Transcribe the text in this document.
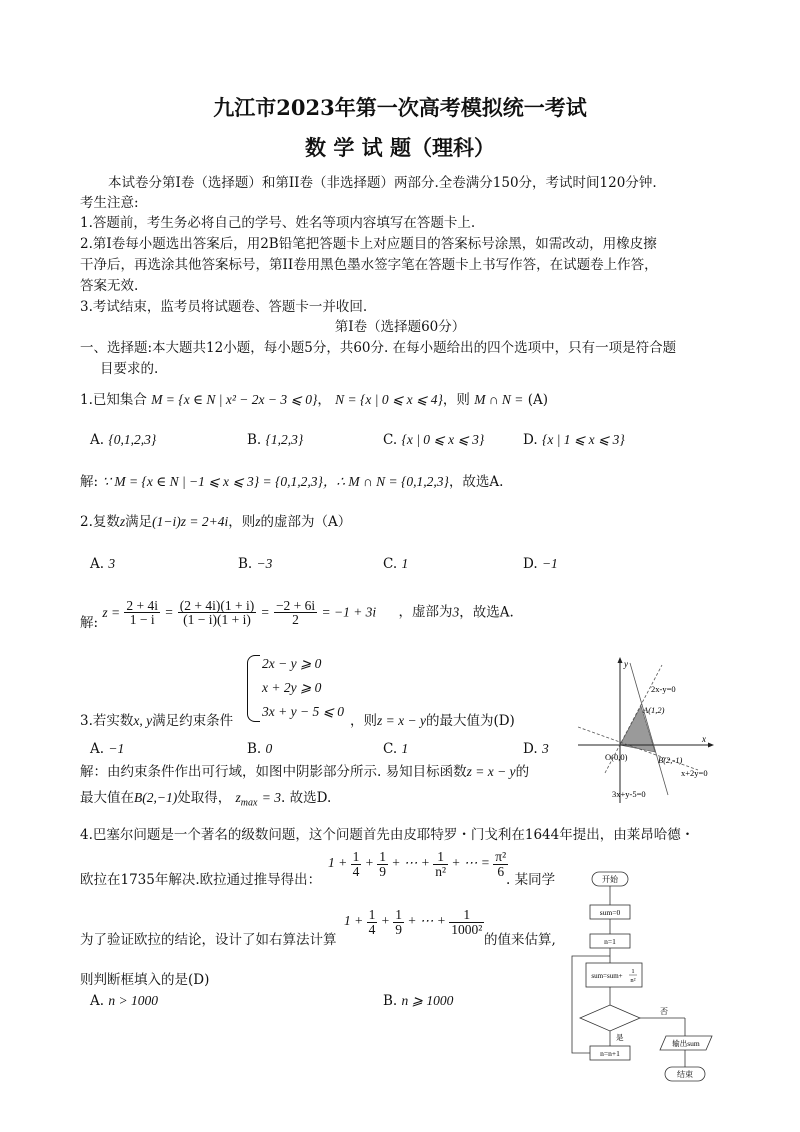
九江市2023年第一次高考模拟统一考试
数 学 试 题（理科）
本试卷分第I卷（选择题）和第II卷（非选择题）两部分.全卷满分150分，考试时间120分钟.
考生注意:
1.答题前，考生务必将自己的学号、姓名等项内容填写在答题卡上.
2.第I卷每小题选出答案后，用2B铅笔把答题卡上对应题目的答案标号涂黑，如需改动，用橡皮擦
干净后，再选涂其他答案标号，第II卷用黑色墨水签字笔在答题卡上书写作答，在试题卷上作答，
答案无效.
3.考试结束，监考员将试题卷、答题卡一并收回.
第I卷（选择题60分）
一、选择题:本大题共12小题，每小题5分，共60分. 在每小题给出的四个选项中，只有一项是符合题
目要求的.
1.已知集合 M = {x ∈ N | x² − 2x − 3 ⩽ 0}， N = {x | 0 ⩽ x ⩽ 4}，则 M ∩ N = (A)
A. {0,1,2,3}	B. {1,2,3}	C. {x | 0 ⩽ x ⩽ 3}	D. {x | 1 ⩽ x ⩽ 3}
解: ∵ M = {x ∈ N | −1 ⩽ x ⩽ 3} = {0,1,2,3}，∴ M ∩ N = {0,1,2,3}，故选A.
2.复数z满足(1−i)z = 2+4i，则z的虚部为（A）
A. 3	B. −3	C. 1	D. −1
解: $z = \frac{2 + 4i}{1 - i} = \frac{(2 + 4i)(1 + i)}{(1 - i)(1 + i)} = \frac{-2 + 6i}{2} = -1 + 3i$ ，虚部为3，故选A.
2x − y ⩾ 0
x + 2y ⩾ 0
3x + y − 5 ⩽ 0
3.若实数x, y满足约束条件	，则z = x − y的最大值为(D)
A. −1	B. 0	C. 1	D. 3
解：由约束条件作出可行域，如图中阴影部分所示. 易知目标函数z = x − y的
最大值在B(2,−1)处取得， $z_{max} = 3$. 故选D.
y
x
2x-y=0
A(1,2)
O(0,0)	B(2,-1)
x+2y=0
3x+y-5=0
4.巴塞尔问题是一个著名的级数问题，这个问题首先由皮耶特罗・门戈利在1644年提出，由莱昂哈德・
欧拉在1735年解决.欧拉通过推导得出：
$1 + \frac{1}{4} + \frac{1}{9}$ + ⋯ + $\frac{1}{\text{n²}}$ + ⋯ = $\frac{\text{π²}}{6}$
. 某同学
为了验证欧拉的结论，设计了如右算法计算
$1 + \frac{1}{4} + \frac{1}{9}$ + ⋯ + $\frac{1}{\text{1000²}}$
的值来估算,
则判断框填入的是(D)
A. n > 1000	B. n ⩾ 1000
开始
sum=0
n=1
sum=sum+
1
n²
否
输出sum
结束
是
n=n+1
